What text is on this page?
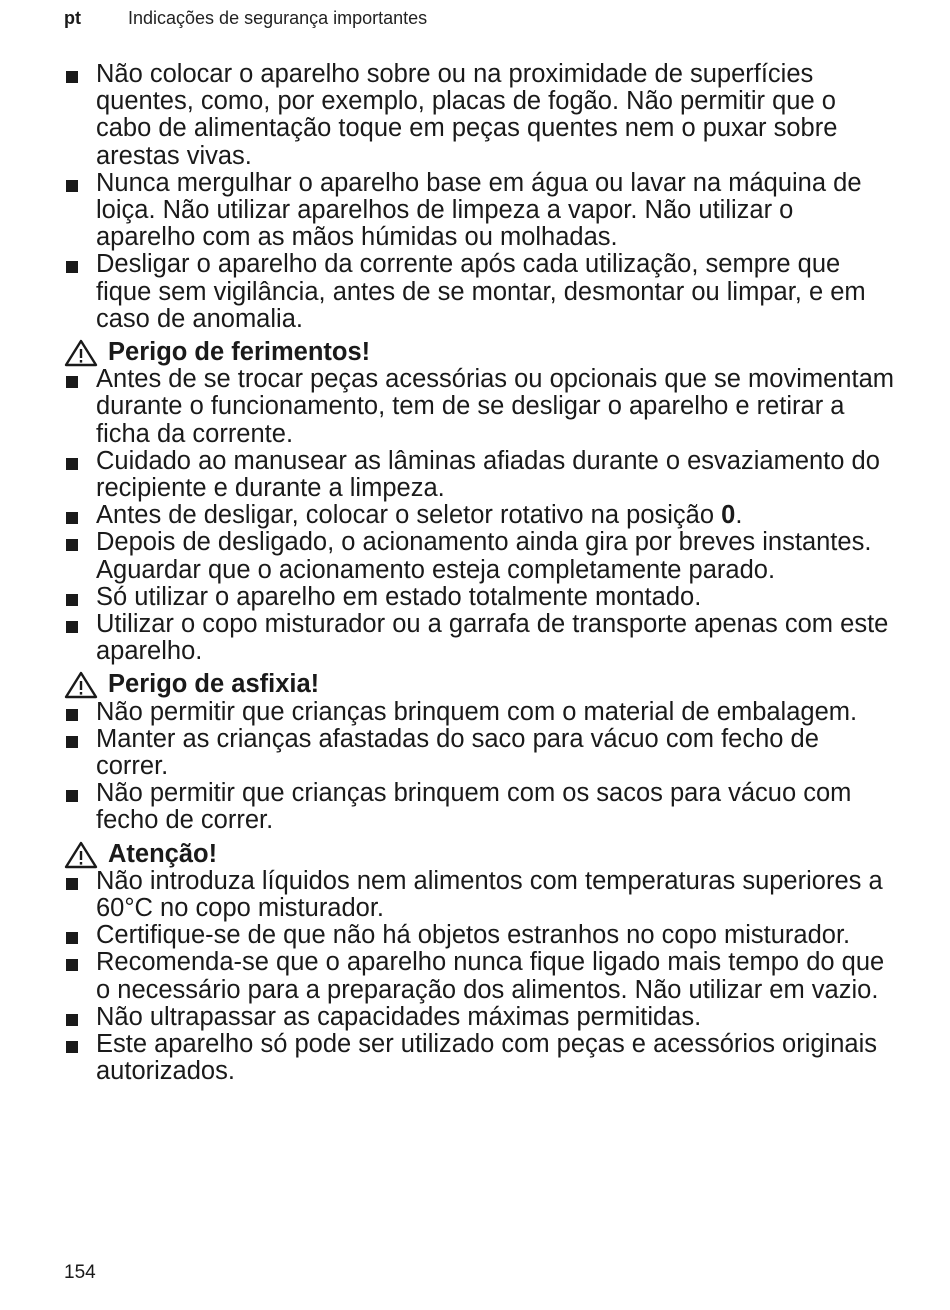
pt	Indicações de segurança importantes
Não colocar o aparelho sobre ou na proximidade de superfícies quentes, como, por exemplo, placas de fogão. Não permitir que o cabo de alimentação toque em peças quentes nem o puxar sobre arestas vivas.
Nunca mergulhar o aparelho base em água ou lavar na máquina de loiça. Não utilizar aparelhos de limpeza a vapor. Não utilizar o aparelho com as mãos húmidas ou molhadas.
Desligar o aparelho da corrente após cada utilização, sempre que fique sem vigilância, antes de se montar, desmontar ou limpar, e em caso de anomalia.
Perigo de ferimentos!
Antes de se trocar peças acessórias ou opcionais que se movimentam durante o funcionamento, tem de se desligar o aparelho e retirar a ficha da corrente.
Cuidado ao manusear as lâminas afiadas durante o esvaziamento do recipiente e durante a limpeza.
Antes de desligar, colocar o seletor rotativo na posição 0.
Depois de desligado, o acionamento ainda gira por breves instantes. Aguardar que o acionamento esteja completamente parado.
Só utilizar o aparelho em estado totalmente montado.
Utilizar o copo misturador ou a garrafa de transporte apenas com este aparelho.
Perigo de asfixia!
Não permitir que crianças brinquem com o material de embalagem.
Manter as crianças afastadas do saco para vácuo com fecho de correr.
Não permitir que crianças brinquem com os sacos para vácuo com fecho de correr.
Atenção!
Não introduza líquidos nem alimentos com temperaturas superiores a 60°C no copo misturador.
Certifique-se de que não há objetos estranhos no copo misturador.
Recomenda-se que o aparelho nunca fique ligado mais tempo do que o necessário para a preparação dos alimentos. Não utilizar em vazio.
Não ultrapassar as capacidades máximas permitidas.
Este aparelho só pode ser utilizado com peças e acessórios originais autorizados.
154
